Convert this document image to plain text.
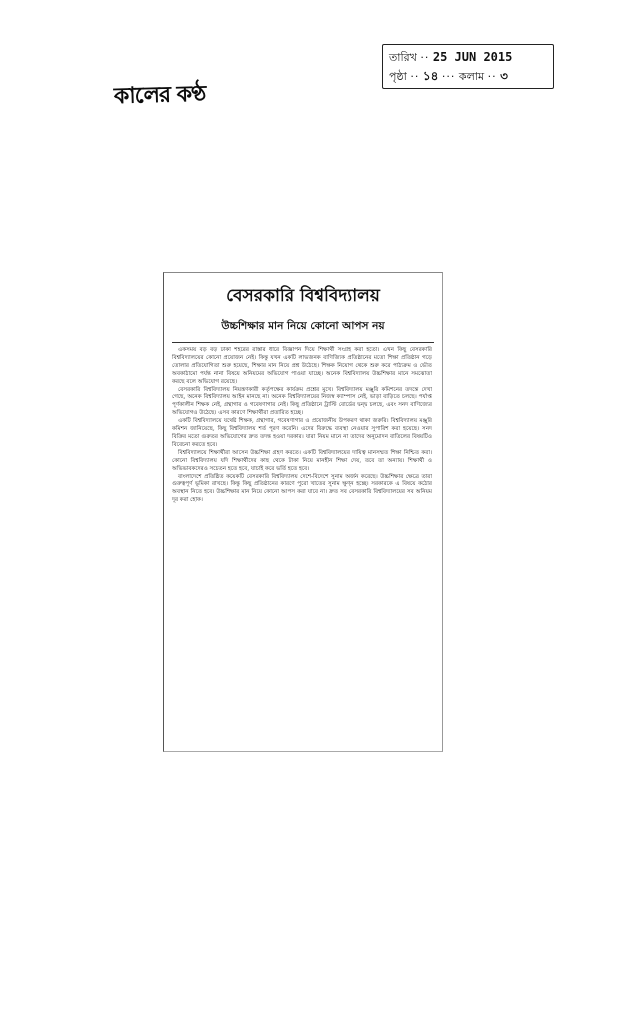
কালের কণ্ঠ
তারিখ ·· 25 JUN 2015
পৃষ্ঠা ·· ১৪ ··· কলাম ·· ৩
বেসরকারি বিশ্ববিদ্যালয়
উচ্চশিক্ষার মান নিয়ে কোনো আপস নয়

একসময় বড় বড় ঢাকা শহরের রাস্তার ধারে বিজ্ঞাপন দিয়ে শিক্ষার্থী সংগ্রহ করা হতো। এখন কিছু বেসরকারি বিশ্ববিদ্যালয়ের কোনো প্রয়োজন নেই। কিন্তু যখন একটি লাভজনক বাণিজ্যিক প্রতিষ্ঠানের মতো শিক্ষা প্রতিষ্ঠান গড়ে তোলার প্রতিযোগিতা শুরু হয়েছে, শিক্ষার মান নিয়ে প্রশ্ন উঠেছে। শিক্ষক নিয়োগ থেকে শুরু করে পাঠ্যক্রম ও ভৌত অবকাঠামো পর্যন্ত নানা বিষয়ে অনিয়মের অভিযোগ পাওয়া যাচ্ছে। অনেক বিশ্ববিদ্যালয় উচ্চশিক্ষার মানে সমঝোতা করছে বলে অভিযোগ রয়েছে।

বেসরকারি বিশ্ববিদ্যালয় নিয়ন্ত্রণকারী কর্তৃপক্ষের কার্যক্রম প্রশ্নের মুখে। বিশ্ববিদ্যালয় মঞ্জুরি কমিশনের তদন্তে দেখা গেছে, অনেক বিশ্ববিদ্যালয় আইন মানছে না। অনেক বিশ্ববিদ্যালয়ের নিজস্ব ক্যাম্পাস নেই, ভাড়া বাড়িতে চলছে। পর্যাপ্ত পূর্ণকালীন শিক্ষক নেই, গ্রন্থাগার ও গবেষণাগার নেই। কিছু প্রতিষ্ঠানে ট্রাস্টি বোর্ডের দ্বন্দ্ব চলছে, এবং সনদ বাণিজ্যের অভিযোগও উঠেছে। এসব কারণে শিক্ষার্থীরা প্রতারিত হচ্ছে।

একটি বিশ্ববিদ্যালয়ে যথেষ্ট শিক্ষক, গ্রন্থাগার, গবেষণাগার ও প্রয়োজনীয় উপকরণ থাকা জরুরি। বিশ্ববিদ্যালয় মঞ্জুরি কমিশন জানিয়েছে, কিছু বিশ্ববিদ্যালয় শর্ত পূরণ করেনি। এদের বিরুদ্ধে ব্যবস্থা নেওয়ার সুপারিশ করা হয়েছে। সনদ বিক্রির মতো গুরুতর অভিযোগের দ্রুত তদন্ত হওয়া দরকার। যারা নিয়ম মানে না তাদের অনুমোদন বাতিলের বিষয়টিও বিবেচনা করতে হবে।

বিশ্ববিদ্যালয়ে শিক্ষার্থীরা আসেন উচ্চশিক্ষা গ্রহণ করতে। একটি বিশ্ববিদ্যালয়ের দায়িত্ব মানসম্মত শিক্ষা নিশ্চিত করা। কোনো বিশ্ববিদ্যালয় যদি শিক্ষার্থীদের কাছ থেকে টাকা নিয়ে মানহীন শিক্ষা দেয়, তবে তা অন্যায়। শিক্ষার্থী ও অভিভাবকদেরও সচেতন হতে হবে, যাচাই করে ভর্তি হতে হবে।

বাংলাদেশে প্রতিষ্ঠিত কয়েকটি বেসরকারি বিশ্ববিদ্যালয় দেশে-বিদেশে সুনাম অর্জন করেছে। উচ্চশিক্ষার ক্ষেত্রে তারা গুরুত্বপূর্ণ ভূমিকা রাখছে। কিন্তু কিছু প্রতিষ্ঠানের কারণে পুরো খাতের সুনাম ক্ষুণ্ন হচ্ছে। সরকারকে এ বিষয়ে কঠোর অবস্থান নিতে হবে। উচ্চশিক্ষার মান নিয়ে কোনো আপস করা যাবে না। দ্রুত সব বেসরকারি বিশ্ববিদ্যালয়ের সব অনিয়ম দূর করা হোক।
